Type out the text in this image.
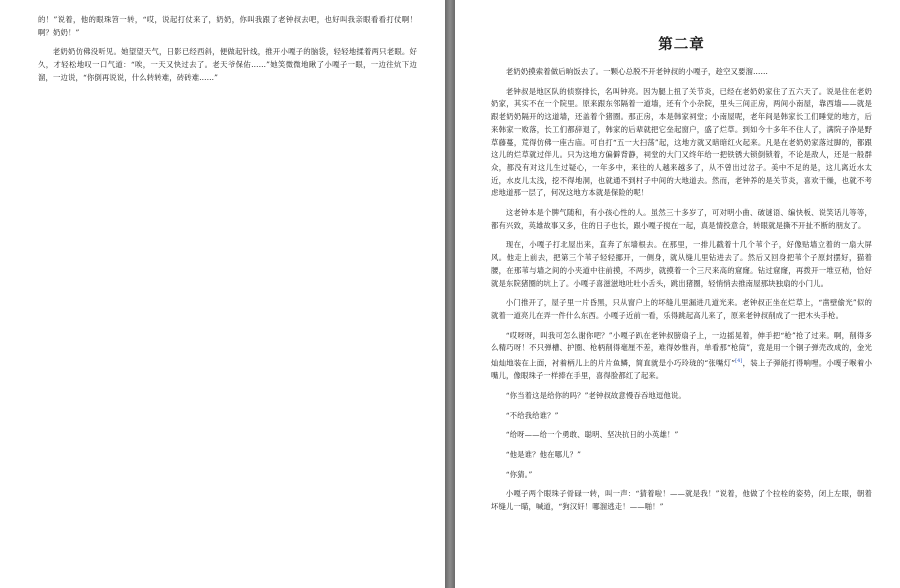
的！”说着，他的眼珠笤一转，“哎，说起打仗来了，奶奶，你叫我跟了老钟叔去吧，也好叫我亲眼看看打仗啊！啊？奶奶！”

老奶奶仿佛没听见。她望望天气，日影已经西斜，便做起针线，推开小嘎子的脑袋，轻轻地揉着两只老眼。好久，才轻松地叹一口气道：“唉，一天又快过去了。老天爷保佑……”她笑微微地瞅了小嘎子一眼，一边往炕下边溜，一边说，“你倒再说说，什么转转难，砖砖难……”

第二章

老奶奶摸索着做后晌饭去了。一颗心总脱不开老钟叔的小嘎子，趁空又要溜……

老钟叔是地区队的侦察排长，名叫钟亮。因为腿上扭了关节炎，已经在老奶奶家住了五六天了。说是住在老奶奶家，其实不在一个院里。原来跟东邻隔着一道墙，还有个小杂院，里头三间正房，两间小南屋，靠西墙——就是跟老奶奶隔开的这道墙，还盖着个猪圈。那正房，本是韩家祠堂；小南屋呢，老年间是韩家长工们睡觉的地方，后来韩家一败落，长工们都辞退了，韩家的后辈就把它垒起窗户，盛了烂草。到如今十多年不住人了，满院子净是野草藤蔓，荒得仿佛一座古庙。可自打“五一大扫荡”起，这地方就又暗暗红火起来。凡是在老奶奶家落过脚的，都跟这儿的烂草就过伴儿。只为这地方偏僻背静，祠堂的大门又终年给一把铁锈大锁倒锁着，不论是敌人，还是一般群众，都没有对这儿生过疑心，一年多中，来往的人越来越多了，从不曾出过岔子。美中不足的是，这儿离近水太近，水皮儿太浅，挖不得地洞，也就通不到村子中间的大地道去。然而，老钟养的是关节炎，喜欢干燥，也就不考虑地道那一层了，何况这地方本就是保险的呢！

这老钟本是个脾气随和，有小孩心性的人。虽然三十多岁了，可对明小曲、破谜语、编快板、说笑话儿等等，都有兴致，英雄故事又多，住的日子也长，跟小嘎子搅在一起，真是情投意合，转眼就是撕不开扯不断的朋友了。

现在，小嘎子打北屋出来，直奔了东墙根去。在那里，一排儿戳着十几个苇个子，好像贴墙立着的一扇大屏风。他走上前去，把第三个苇子轻轻挪开，一侧身，就从缝儿里钻进去了。然后又回身把苇个子原封摆好，猫着腰，在那苇与墙之间的小夹道中往前摸，不两步，就摸着一个三尺来高的窟窿。钻过窟窿，再拨开一堆豆秸，恰好就是东院猪圈的坑上了。小嘎子喜滋滋地吐吐小舌头，跳出猪圈，轻悄悄去推南屋那块独扇的小门儿。

小门推开了，屋子里一片昏黑，只从窗户上的坏缝儿里漏进几道光来。老钟叔正坐在烂草上，“凿壁偷光”似的就着一道亮儿在弄一件什么东西。小嘎子近前一看，乐得跳起高儿来了，原来老钟叔削成了一把木头手枪。

“哎呀呀，叫我可怎么谢你吧？”小嘎子趴在老钟叔膀扇子上，一边摇晃着，伸手把“枪”抢了过来。啊，削得多么精巧呀！不只弹槽、护圈、枪柄削得毫厘不差，难得妙惟肖，单看那“枪筒”，竟是用一个铜子弹壳改成的，金光灿灿地装在上面，衬着柄儿上的片片鱼鳞，简直就是小巧玲珑的“张嘴灯”[4]，装上子弹能打得响哩。小嘎子喉着小嘴儿，像眼珠子一样捧在手里，喜得脸都红了起来。

“你当着这是给你的吗？”老钟叔故意慢吞吞地逗他说。

“不给我给谁？”

“给呀——给一个勇敢、聪明、坚决抗日的小英雄！”

“他是谁？他在哪儿？”

“你猜。”

小嘎子两个眼珠子骨碌一转，叫一声：“猜着啦！——就是我！”说着，他做了个拉栓的姿势，闭上左眼，朝着坏缝儿一瞄，喊道，“狗汉奸！哪溜逃走！——啪！”
